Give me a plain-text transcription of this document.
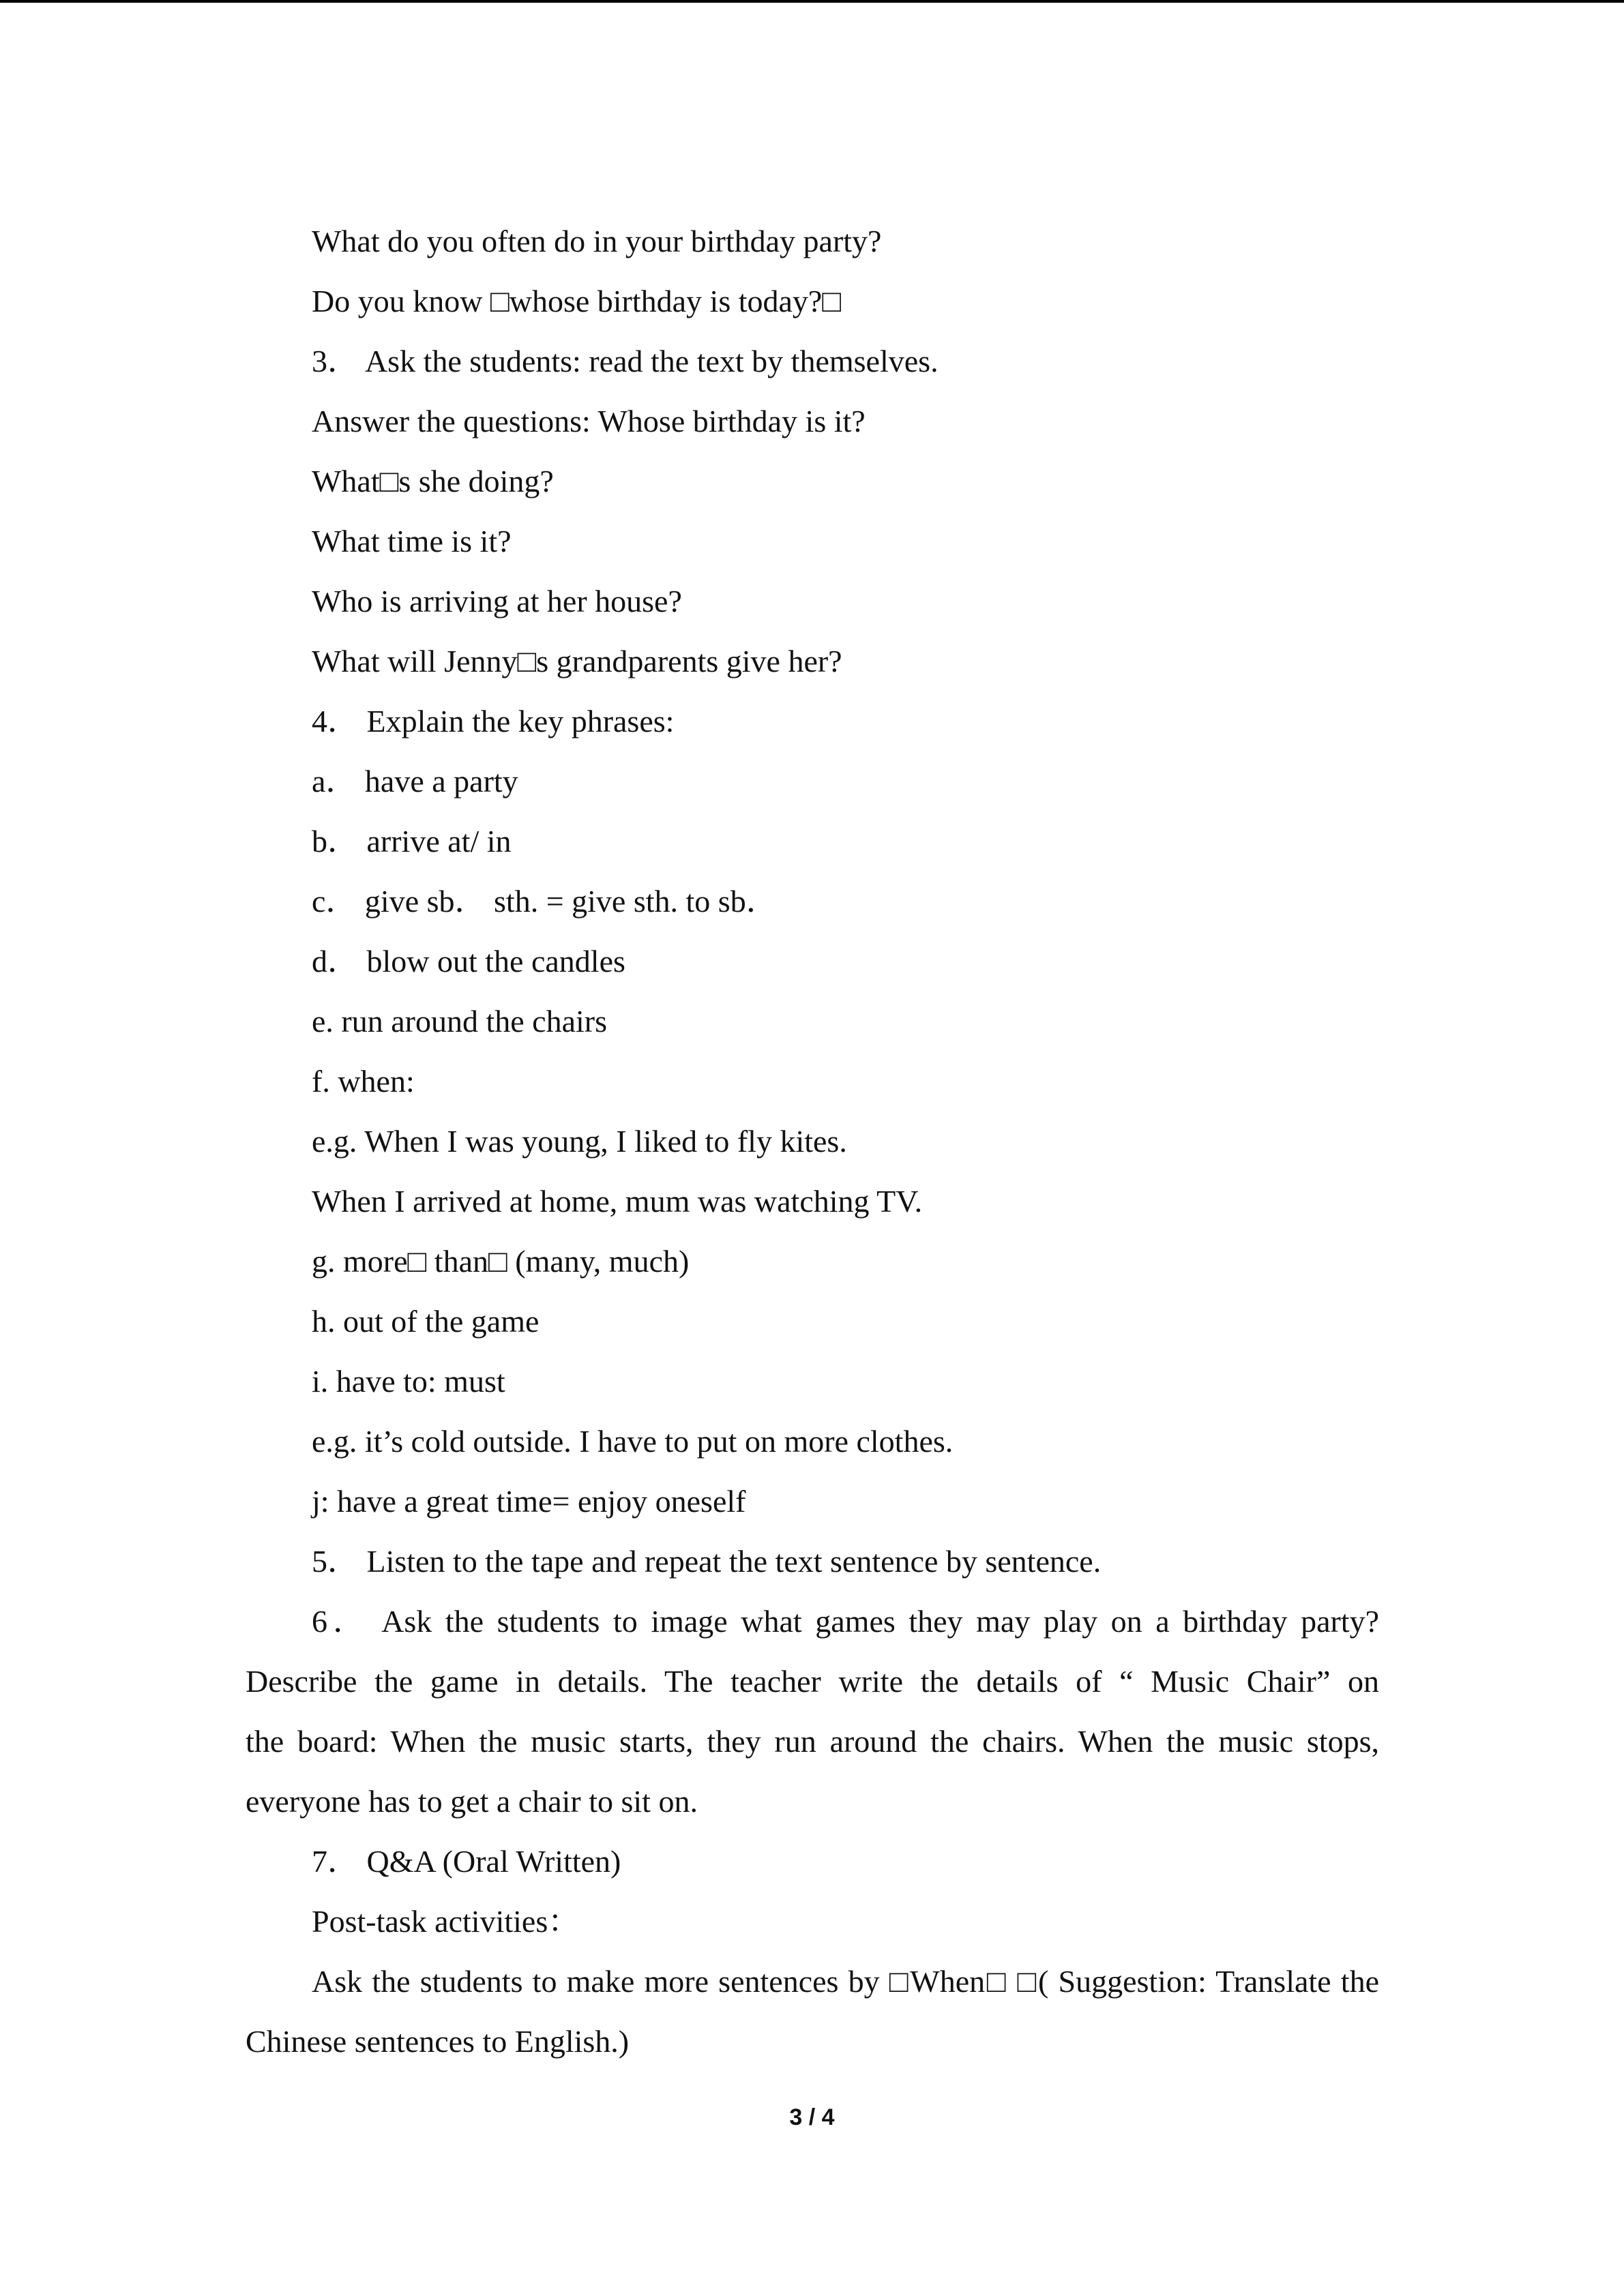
What do you often do in your birthday party?
Do you know □whose birthday is today?□
3． Ask the students: read the text by themselves.
Answer the questions: Whose birthday is it?
What□s she doing?
What time is it?
Who is arriving at her house?
What will Jenny□s grandparents give her?
4． Explain the key phrases:
a． have a party
b． arrive at/ in
c． give sb． sth. = give sth. to sb．
d． blow out the candles
e. run around the chairs
f. when:
e.g. When I was young, I liked to fly kites.
When I arrived at home, mum was watching TV.
g. more□ than□ (many, much)
h. out of the game
i. have to: must
e.g. it’s cold outside. I have to put on more clothes.
j: have a great time= enjoy oneself
5． Listen to the tape and repeat the text sentence by sentence.
6． Ask the students to image what games they may play on a birthday party?
Describe the game in details. The teacher write the details of “ Music Chair” on
the board: When the music starts, they run around the chairs. When the music stops,
everyone has to get a chair to sit on.
7． Q&A (Oral Written)
Post-task activities：
Ask the students to make more sentences by □When□ □( Suggestion: Translate the
Chinese sentences to English.)
3 / 4
